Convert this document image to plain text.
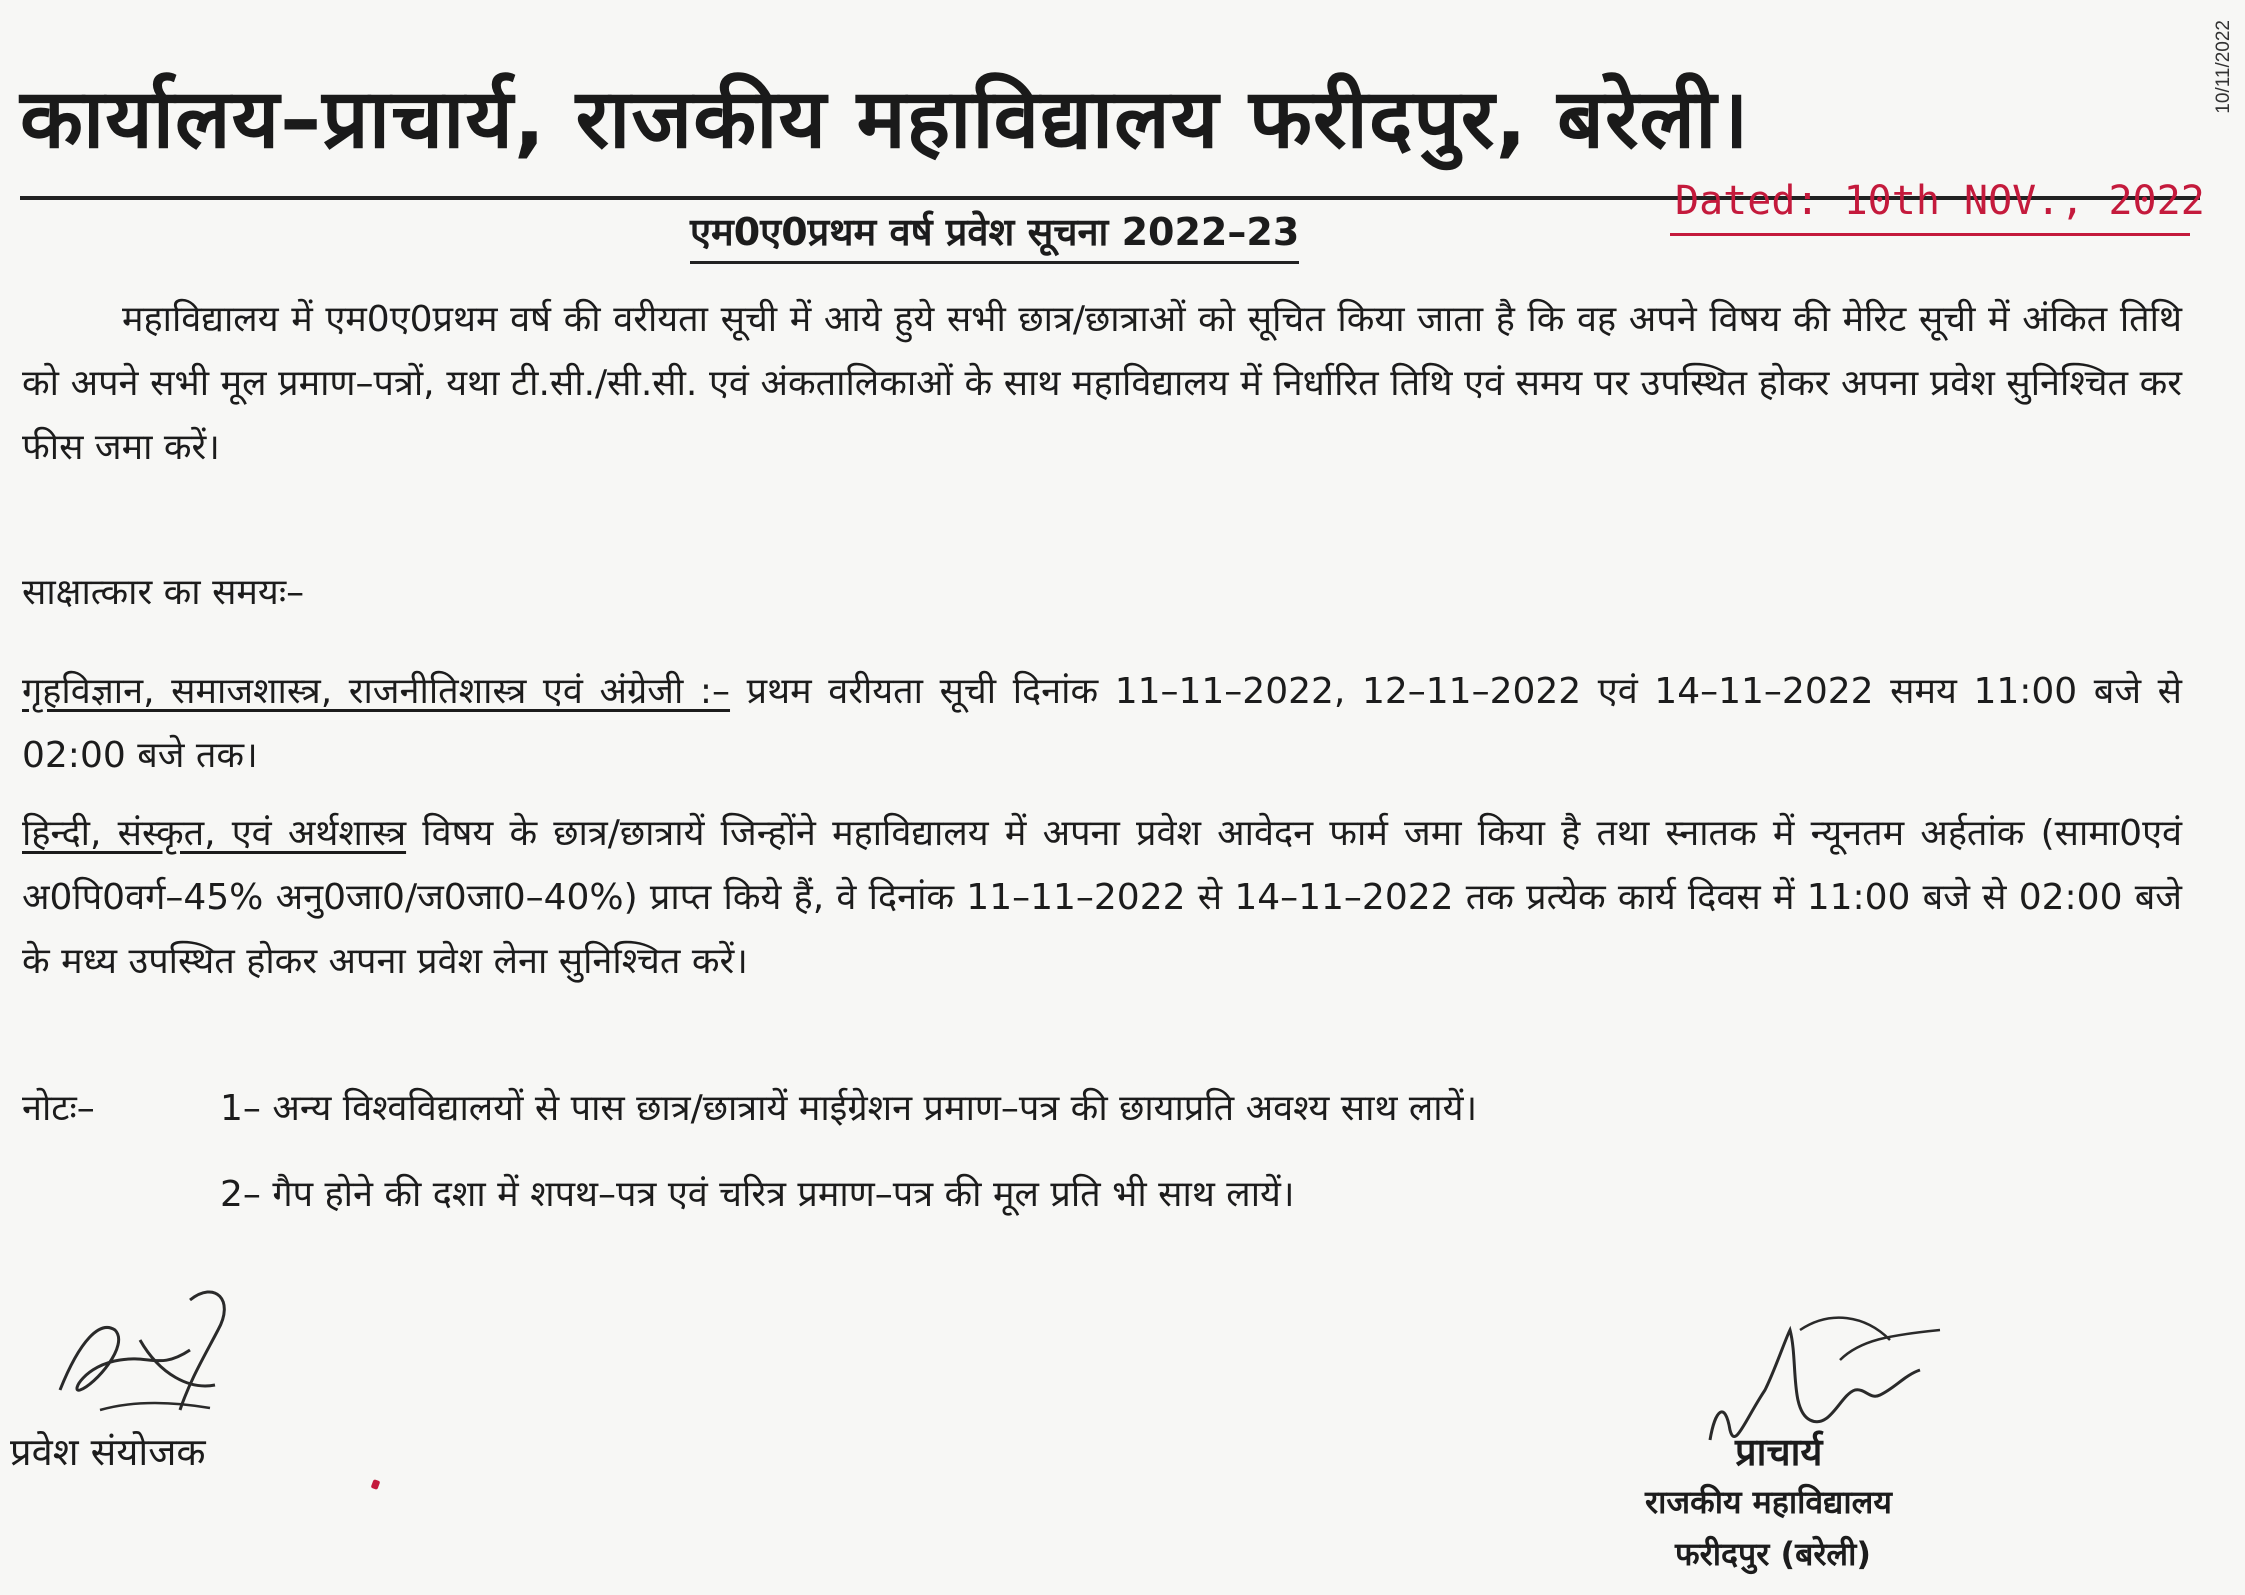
10/11/2022
कार्यालय–प्राचार्य, राजकीय महाविद्यालय फरीदपुर, बरेली।
एम0ए0प्रथम वर्ष प्रवेश सूचना 2022–23
Dated: 10th NOV., 2022
महाविद्यालय में एम0ए0प्रथम वर्ष की वरीयता सूची में आये हुये सभी छात्र/छात्राओं को सूचित किया जाता है कि वह अपने विषय की मेरिट सूची में अंकित तिथि को अपने सभी मूल प्रमाण–पत्रों, यथा टी.सी./सी.सी. एवं अंकतालिकाओं के साथ महाविद्यालय में निर्धारित तिथि एवं समय पर उपस्थित होकर अपना प्रवेश सुनिश्चित कर फीस जमा करें।
साक्षात्कार का समयः–
गृहविज्ञान, समाजशास्त्र, राजनीतिशास्त्र एवं अंग्रेजी :– प्रथम वरीयता सूची दिनांक 11–11–2022, 12–11–2022 एवं 14–11–2022 समय 11:00 बजे से 02:00 बजे तक।
हिन्दी, संस्कृत, एवं अर्थशास्त्र विषय के छात्र/छात्रायें जिन्होंने महाविद्यालय में अपना प्रवेश आवेदन फार्म जमा किया है तथा स्नातक में न्यूनतम अर्हतांक (सामा0एवं अ0पि0वर्ग–45% अनु0जा0/ज0जा0–40%) प्राप्त किये हैं, वे दिनांक 11–11–2022 से 14–11–2022 तक प्रत्येक कार्य दिवस में 11:00 बजे से 02:00 बजे के मध्य उपस्थित होकर अपना प्रवेश लेना सुनिश्चित करें।
नोटः–	1– अन्य विश्वविद्यालयों से पास छात्र/छात्रायें माईग्रेशन प्रमाण–पत्र की छायाप्रति अवश्य साथ लायें।
2– गैप होने की दशा में शपथ–पत्र एवं चरित्र प्रमाण–पत्र की मूल प्रति भी साथ लायें।
प्रवेश संयोजक	प्राचार्य
राजकीय महाविद्यालय
फरीदपुर (बरेली)
